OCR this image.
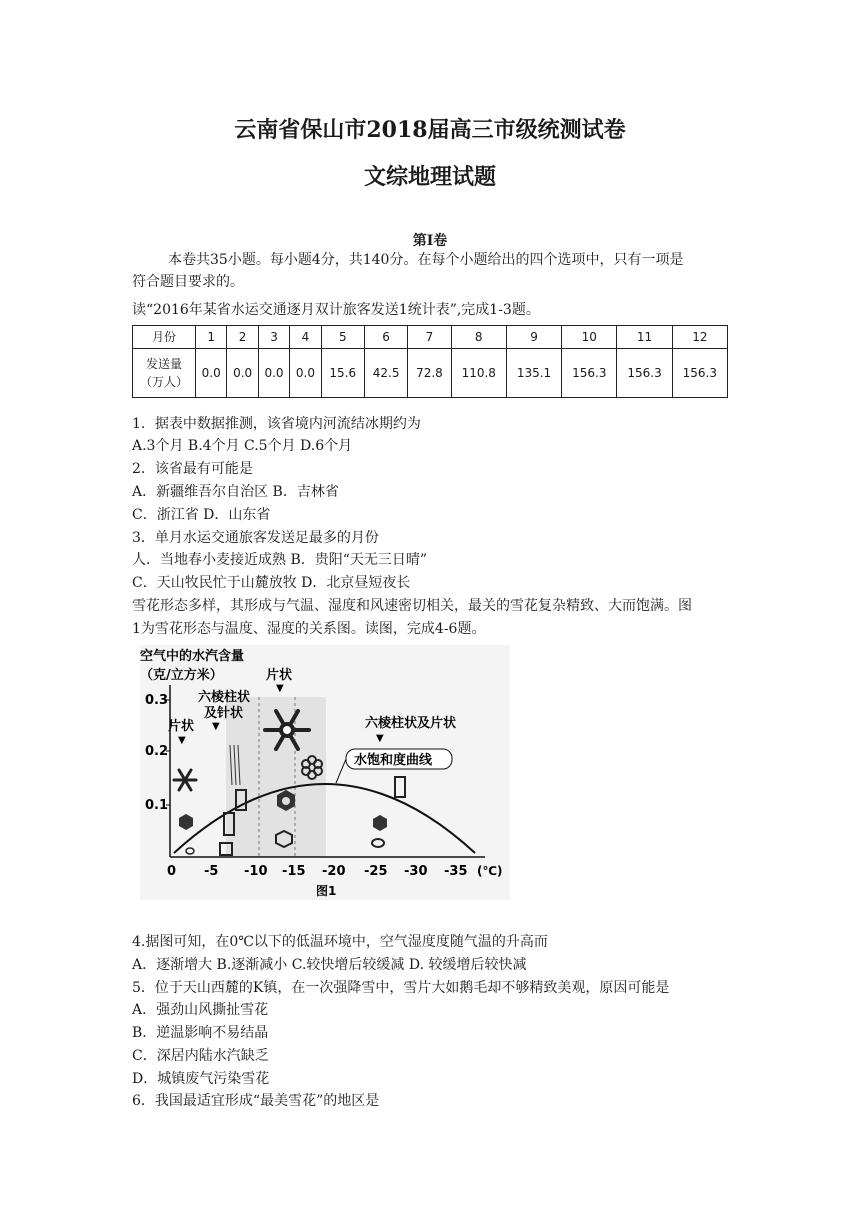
云南省保山市2018届高三市级统测试卷
文综地理试题
第Ⅰ卷
本卷共35小题。每小题4分，共140分。在每个小题给出的四个选项中，只有一项是
符合题目要求的。
读“2016年某省水运交通逐月双计旅客发送1统计表”,完成1-3题。
月份	1	2	3	4	5	6	7	8	9	10	11	12

发送量
（万人）	0.0	0.0	0.0	0.0	15.6	42.5	72.8	110.8	135.1	156.3	156.3	156.3
1．据表中数据推测，该省境内河流结冰期约为
A.3个月 B.4个月 C.5个月 D.6个月
2．该省最有可能是
A．新疆维吾尔自治区 B．吉林省
C．浙江省 D．山东省
3．单月水运交通旅客发送足最多的月份
人．当地春小麦接近成熟 B．贵阳“天无三日晴”
C．天山牧民忙于山麓放牧 D．北京昼短夜长
雪花形态多样，其形成与气温、湿度和风速密切相关，最关的雪花复杂精致、大而饱满。图
1为雪花形态与温度、湿度的关系图。读图，完成4-6题。
0.3
0.2
0.1
空气中的水汽含量
（克/立方米）
0 -5 -10 -15 -20 -25 -30 -35 (℃)
片状
▼
六棱柱状
及针状
▼
片状
▼
六棱柱状及片状
▼
水饱和度曲线
图1
4.据图可知，在0℃以下的低温环境中，空气湿度度随气温的升高而
A．逐渐增大 B.逐渐减小 C.较快增后较缓减 D. 较缓增后较快减
5．位于天山西麓的K镇，在一次强降雪中，雪片大如鹅毛却不够精致美观，原因可能是
A．强劲山风撕扯雪花
B．逆温影响不易结晶
C．深居内陆水汽缺乏
D．城镇废气污染雪花
6．我国最适宜形成“最美雪花”的地区是
